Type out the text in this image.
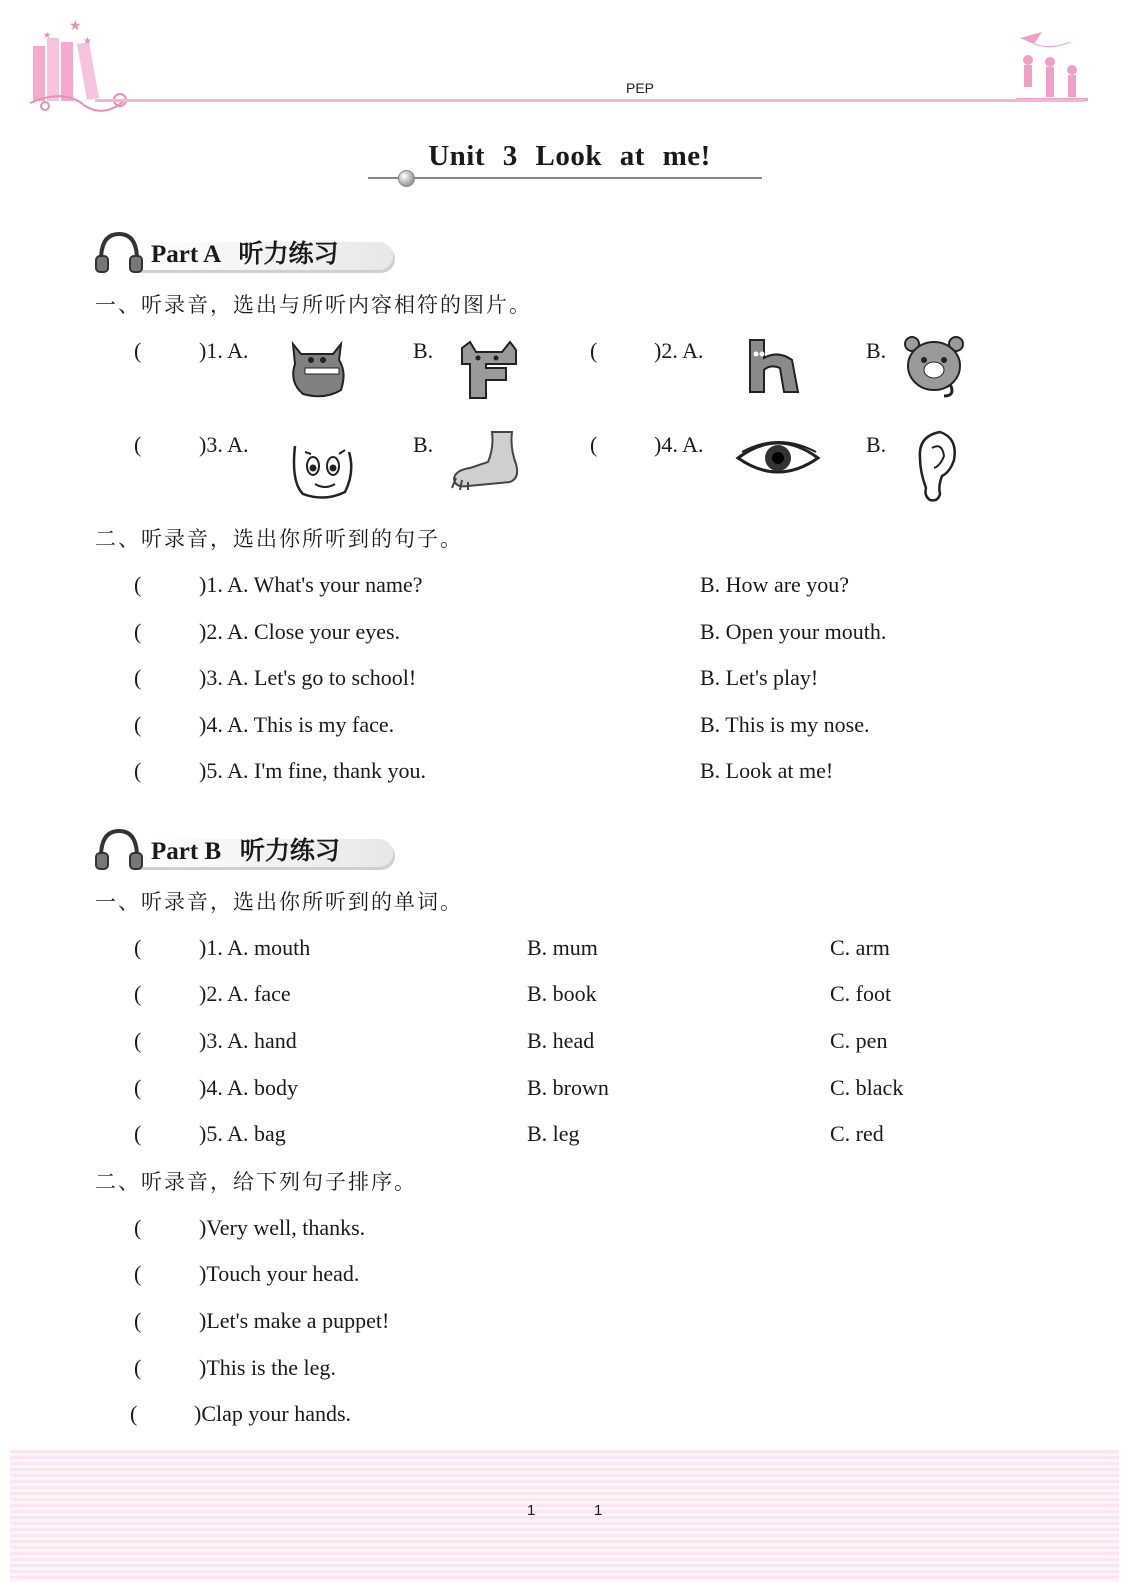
★
★
★
PEP
Unit 3 Look at me!
Part A   听力练习
一、听录音，选出与所听内容相符的图片。
(	)1. A.	B.	(	)2. A.	B.
(	)3. A.	B.	(	)4. A.	B.
二、听录音，选出你所听到的句子。
(	)1. A. What's your name?	B. How are you?
(	)2. A. Close your eyes.	B. Open your mouth.
(	)3. A. Let's go to school!	B. Let's play!
(	)4. A. This is my face.	B. This is my nose.
(	)5. A. I'm fine, thank you.	B. Look at me!
Part B   听力练习
一、听录音，选出你所听到的单词。
(	)1. A. mouth	B. mum	C. arm
(	)2. A. face	B. book	C. foot
(	)3. A. hand	B. head	C. pen
(	)4. A. body	B. brown	C. black
(	)5. A. bag	B. leg	C. red
二、听录音，给下列句子排序。
(	)Very well, thanks.
(	)Touch your head.
(	)Let's make a puppet!
(	)This is the leg.
(	)Clap your hands.
1	1
